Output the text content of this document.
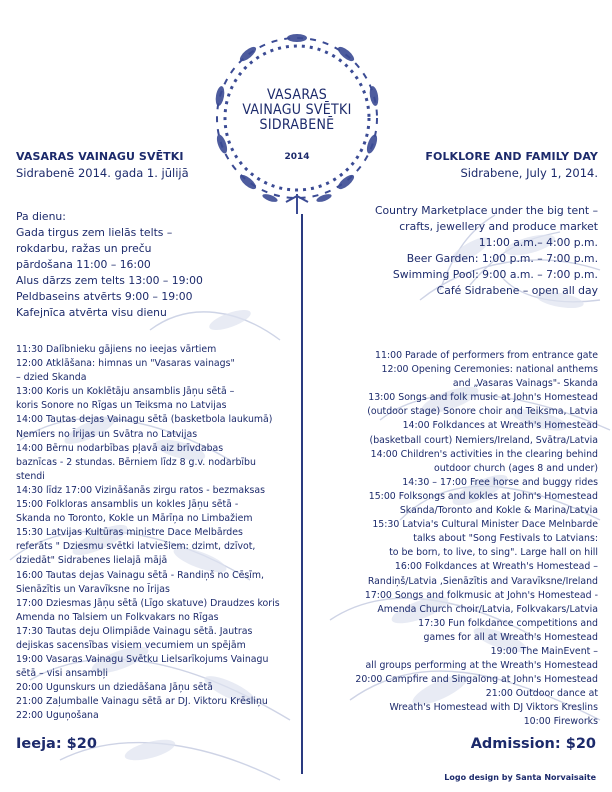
VASARAS
VAINAGU SVĒTKI
SIDRABENĒ
2014
VASARAS VAINAGU SVĒTKI
Sidrabenē 2014. gada 1. jūlijā
Pa dienu:
Gada tirgus zem lielās telts –
rokdarbu, ražas un preču
pārdošana 11:00 – 16:00
Alus dārzs zem telts 13:00 – 19:00
Peldbaseins atvērts 9:00 – 19:00
Kafejnīca atvērta visu dienu
11:30 Dalībnieku gājiens no ieejas vārtiem
12:00 Atklāšana: himnas un "Vasaras vainags"
– dzied Skanda
13:00 Koris un Koklētāju ansamblis Jāņu sētā –
koris Sonore no Rīgas un Teiksma no Latvijas
14:00 Tautas dejas Vainagu sētā (basketbola laukumā)
Nemiers no Īrijas un Svātra no Latvijas
14:00 Bērnu nodarbības pļavā aiz brīvdabas
baznīcas - 2 stundas. Bērniem līdz 8 g.v. nodarbību
stendi
14:30 līdz 17:00 Vizināšanās zirgu ratos - bezmaksas
15:00 Folkloras ansamblis un kokles Jāņu sētā -
Skanda no Toronto, Kokle un Mārīņa no Limbažiem
15:30 Latvijas Kultūras ministre Dace Melbārdes
referāts " Dziesmu svētki latviešiem: dzimt, dzīvot,
dziedāt" Sidrabenes lielajā mājā
16:00 Tautas dejas Vainagu sētā - Randiņš no Cēsīm,
Sienāzītis un Varavīksne no Īrijas
17:00 Dziesmas Jāņu sētā (Līgo skatuve) Draudzes koris
Amenda no Talsiem un Folkvakars no Rīgas
17:30 Tautas deju Olimpiāde Vainagu sētā. Jautras
dejiskas sacensības visiem vecumiem un spējām
19:00 Vasaras Vainagu Svētku Lielsarīkojums Vainagu
sētā – visi ansambļi
20:00 Ugunskurs un dziedāšana Jāņu sētā
21:00 Zaļumballe Vainagu sētā ar DJ. Viktoru Krēsliņu
22:00 Uguņošana
FOLKLORE AND FAMILY DAY
Sidrabene, July 1, 2014.
Country Marketplace under the big tent –
crafts, jewellery and produce market
11:00 a.m.– 4:00 p.m.
Beer Garden: 1:00 p.m. – 7:00 p.m.
Swimming Pool: 9:00 a.m. – 7:00 p.m.
Café Sidrabene – open all day
11:00 Parade of performers from entrance gate
12:00 Opening Ceremonies: national anthems
and „Vasaras Vainags"- Skanda
13:00 Songs and folk music at John's Homestead
(outdoor stage) Sonore choir and Teiksma, Latvia
14:00 Folkdances at Wreath's Homestead
(basketball court) Nemiers/Ireland, Svātra/Latvia
14:00 Children's activities in the clearing behind
outdoor church (ages 8 and under)
14:30 – 17:00 Free horse and buggy rides
15:00 Folksongs and kokles at John's Homestead
Skanda/Toronto and Kokle & Marina/Latvia
15:30 Latvia's Cultural Minister Dace Melnbarde
talks about "Song Festivals to Latvians:
to be born, to live, to sing". Large hall on hill
16:00 Folkdances at Wreath's Homestead –
Randiņš/Latvia ,Sienāzītis and Varavīksne/Ireland
17:00 Songs and folkmusic at John's Homestead -
Amenda Church choir/Latvia, Folkvakars/Latvia
17:30 Fun folkdance competitions and
games for all at Wreath's Homestead
19:00 The MainEvent –
all groups performing at the Wreath's Homestead
20:00 Campfire and Singalong at John's Homestead
21:00 Outdoor dance at
Wreath's Homestead with DJ Viktors Kreslins
10:00 Fireworks
Ieeja: $20	Admission: $20
Logo design by Santa Norvaisaite
